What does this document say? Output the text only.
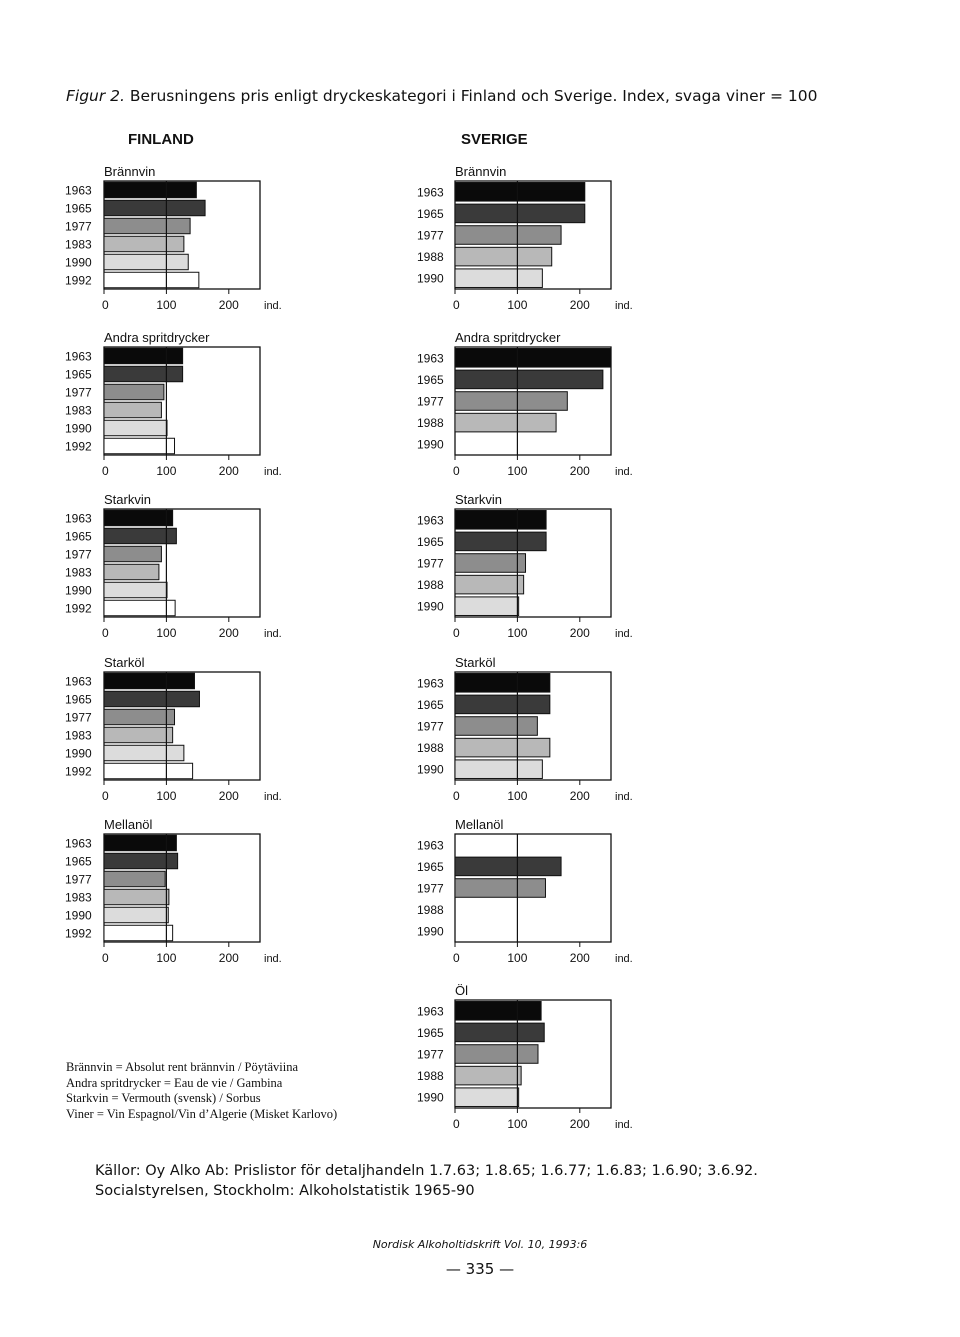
Figur 2. Berusningens pris enligt dryckeskategori i Finland och Sverige. Index, svaga viner = 100
FINLAND	SVERIGE
Brännvin
1963
1965
1977
1983
1990
1992
0	100	200 ind.
Andra spritdrycker
1963
1965
1977
1983
1990
1992
0	100	200 ind.
Starkvin
1963
1965
1977
1983
1990
1992
0	100	200 ind.
Starköl
1963
1965
1977
1983
1990
1992
0	100	200 ind.
Mellanöl
1963
1965
1977
1983
1990
1992
0	100	200 ind.
Brännvin
1963
1965
1977
1988
1990
0	100	200 ind.
Andra spritdrycker
1963
1965
1977
1988
1990
0	100	200 ind.
Starkvin
1963
1965
1977
1988
1990
0	100	200 ind.
Starköl
1963
1965
1977
1988
1990
0	100	200 ind.
Mellanöl
1963
1965
1977
1988
1990
0	100	200 ind.
Öl
1963
1965
1977
1988
1990
0	100	200 ind.
Brännvin = Absolut rent brännvin / Pöytäviina
Andra spritdrycker = Eau de vie / Gambina
Starkvin = Vermouth (svensk) / Sorbus
Viner = Vin Espagnol/Vin d’Algerie (Misket Karlovo)
Källor: Oy Alko Ab: Prislistor för detaljhandeln 1.7.63; 1.8.65; 1.6.77; 1.6.83; 1.6.90; 3.6.92.
Socialstyrelsen, Stockholm: Alkoholstatistik 1965-90
Nordisk Alkoholtidskrift Vol. 10, 1993:6
— 335 —
